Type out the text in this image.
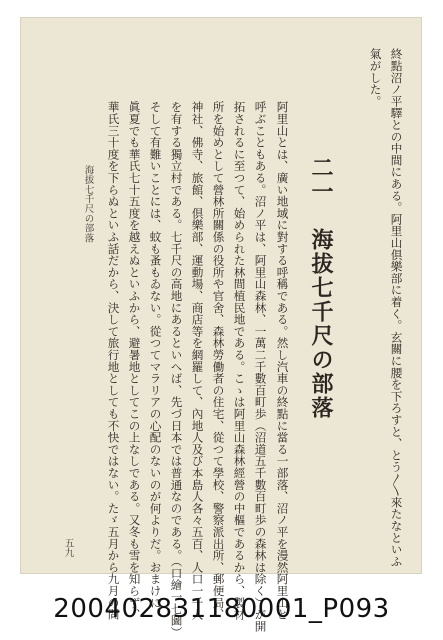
終點沼ノ平驛との中間にある。阿里山倶樂部に着く。玄關に腰を下ろすと、とう〳〵來たなといふ
氣がした。
二一　海拔七千尺の部落
阿里山とは、廣い地域に對する呼稱である。然し汽車の終點に當る一部落、沼ノ平を漫然阿里山と
呼ぶこともある。沼ノ平は、阿里山森林、一萬二千數百町歩（沼道五千數百町歩の森林は除く）が開
拓されるに至つて、始められた林間植民地である。こゝは阿里山森林經營の中樞であるから、製材
所を始めとして營林所關係の役所や官舍、森林勞働者の住宅、從つて學校、警察派出所、郵便局、
神社、佛寺、旅館、倶樂部、運動場、商店等を網羅して、內地人及び本島人各々五百、人口一千人
を有する獨立村である。七千尺の高地にあるといへば、先づ日本では普通なのである。（口繪一七圖）
そして有難いことには、蚊も蚤もゐない。從つてマラリアの心配のないのが何よりだ。おまけに、
眞夏でも華氏七十五度を越えぬといふから、避暑地としてこの上なしである。又冬も雪を知らず、
華氏三十度を下らぬといふ話だから、決して旅行地としても不快ではない。たゞ五月から九月の間
海拔七千尺の部落
五九
200402831180001_P093
